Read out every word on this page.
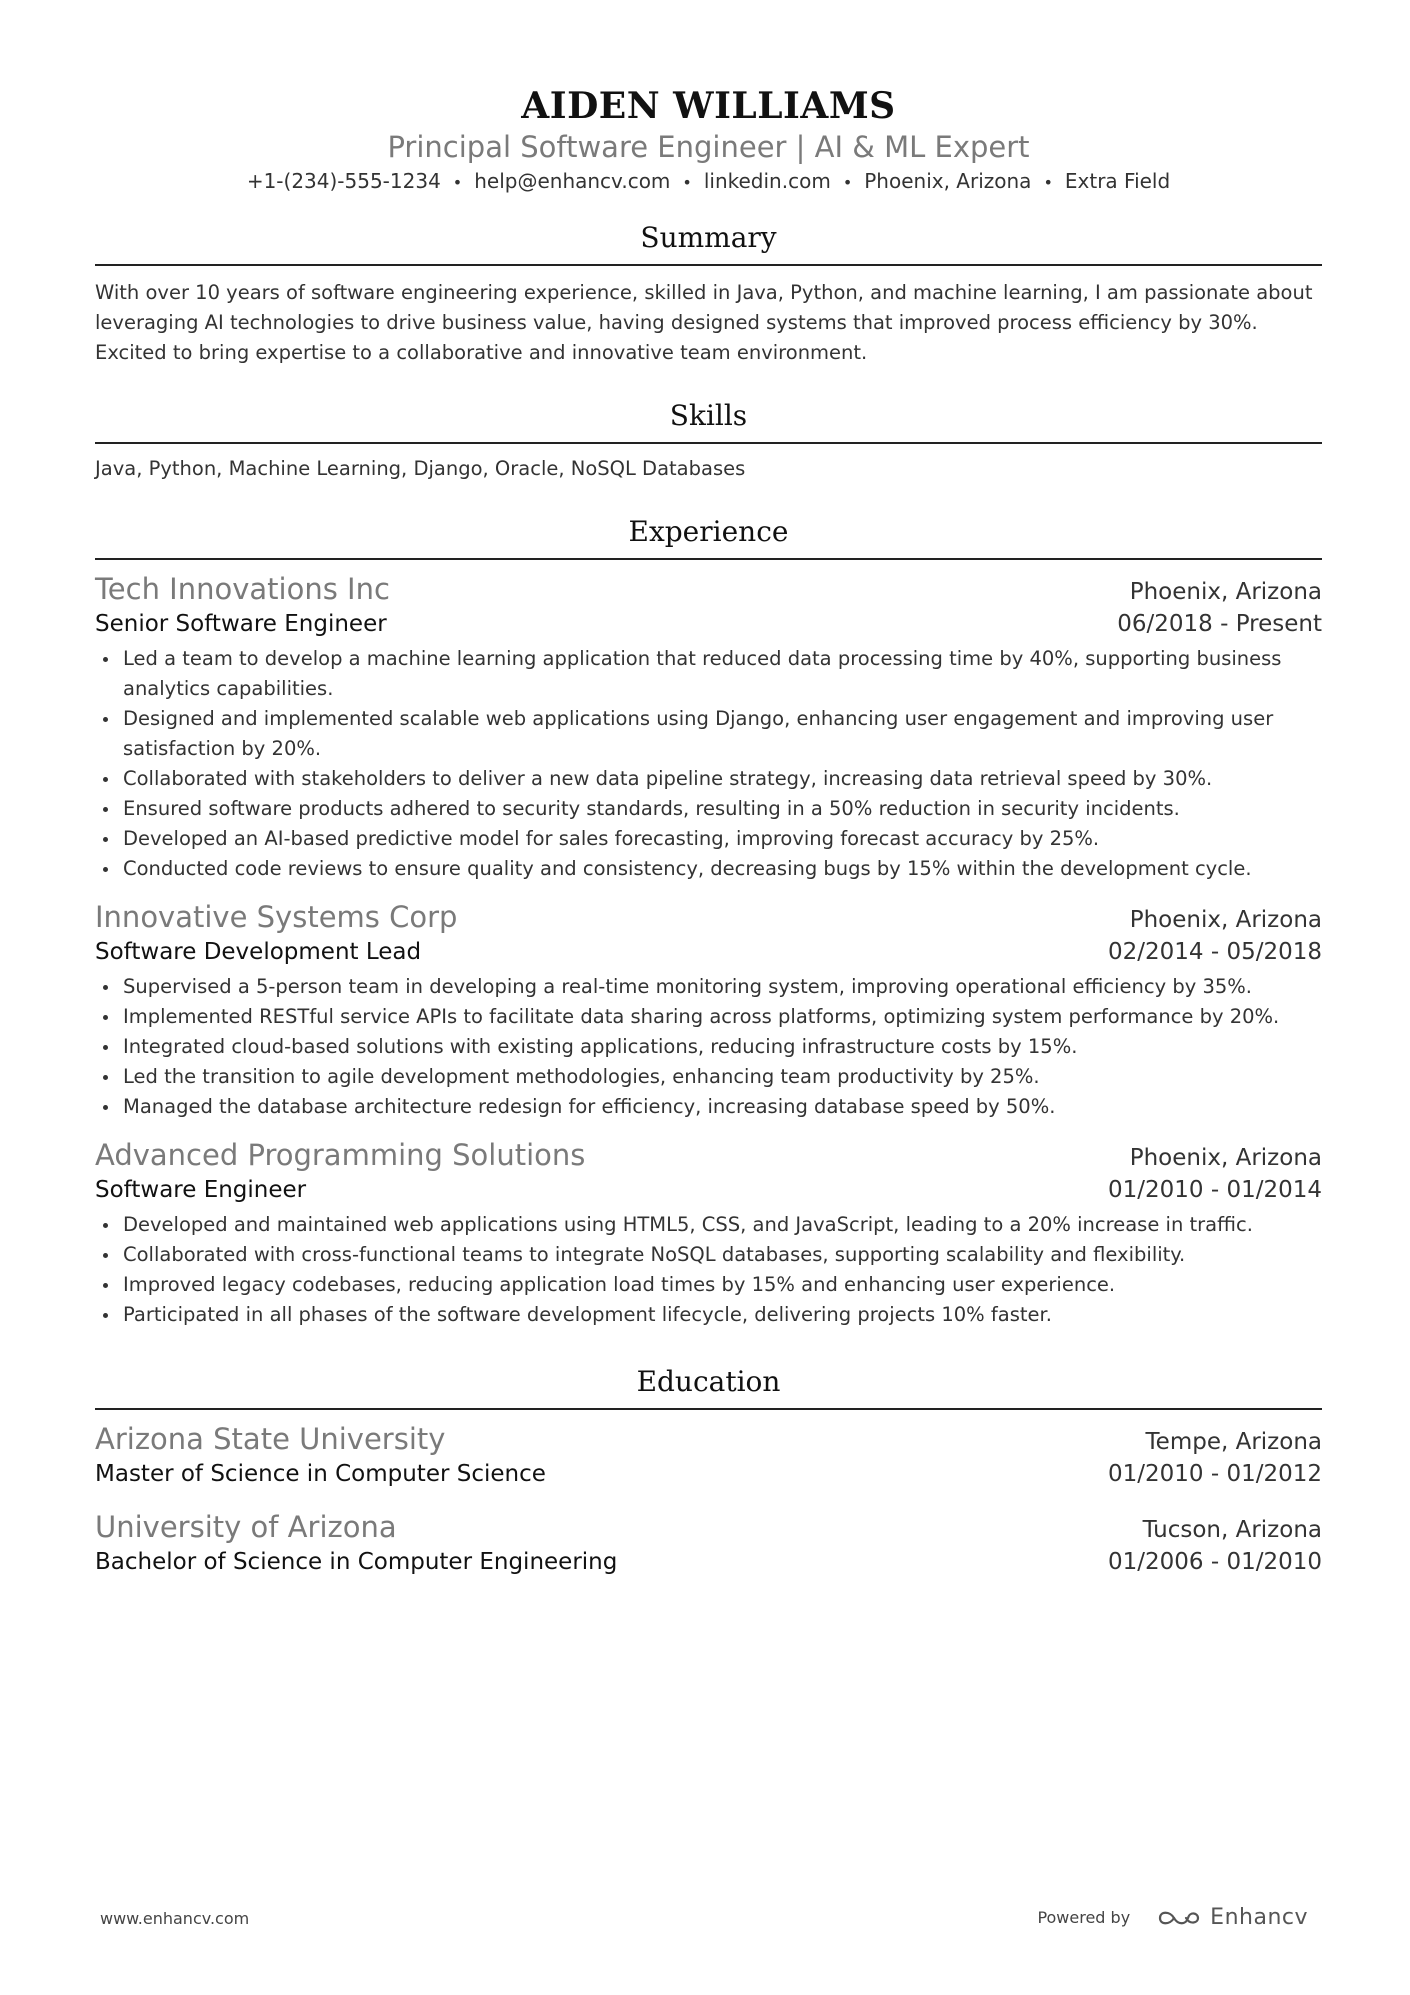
AIDEN WILLIAMS
Principal Software Engineer | AI & ML Expert
+1-(234)-555-1234 • help@enhancv.com • linkedin.com • Phoenix, Arizona • Extra Field
Summary
With over 10 years of software engineering experience, skilled in Java, Python, and machine learning, I am passionate about leveraging AI technologies to drive business value, having designed systems that improved process efficiency by 30%. Excited to bring expertise to a collaborative and innovative team environment.
Skills
Java, Python, Machine Learning, Django, Oracle, NoSQL Databases
Experience
Tech Innovations Inc	Phoenix, Arizona
Senior Software Engineer	06/2018 - Present
Led a team to develop a machine learning application that reduced data processing time by 40%, supporting business analytics capabilities.
Designed and implemented scalable web applications using Django, enhancing user engagement and improving user satisfaction by 20%.
Collaborated with stakeholders to deliver a new data pipeline strategy, increasing data retrieval speed by 30%.
Ensured software products adhered to security standards, resulting in a 50% reduction in security incidents.
Developed an AI-based predictive model for sales forecasting, improving forecast accuracy by 25%.
Conducted code reviews to ensure quality and consistency, decreasing bugs by 15% within the development cycle.
Innovative Systems Corp	Phoenix, Arizona
Software Development Lead	02/2014 - 05/2018
Supervised a 5-person team in developing a real-time monitoring system, improving operational efficiency by 35%.
Implemented RESTful service APIs to facilitate data sharing across platforms, optimizing system performance by 20%.
Integrated cloud-based solutions with existing applications, reducing infrastructure costs by 15%.
Led the transition to agile development methodologies, enhancing team productivity by 25%.
Managed the database architecture redesign for efficiency, increasing database speed by 50%.
Advanced Programming Solutions	Phoenix, Arizona
Software Engineer	01/2010 - 01/2014
Developed and maintained web applications using HTML5, CSS, and JavaScript, leading to a 20% increase in traffic.
Collaborated with cross-functional teams to integrate NoSQL databases, supporting scalability and flexibility.
Improved legacy codebases, reducing application load times by 15% and enhancing user experience.
Participated in all phases of the software development lifecycle, delivering projects 10% faster.
Education
Arizona State University	Tempe, Arizona
Master of Science in Computer Science	01/2010 - 01/2012
University of Arizona	Tucson, Arizona
Bachelor of Science in Computer Engineering	01/2006 - 01/2010
www.enhancv.com	Powered by	Enhancv
